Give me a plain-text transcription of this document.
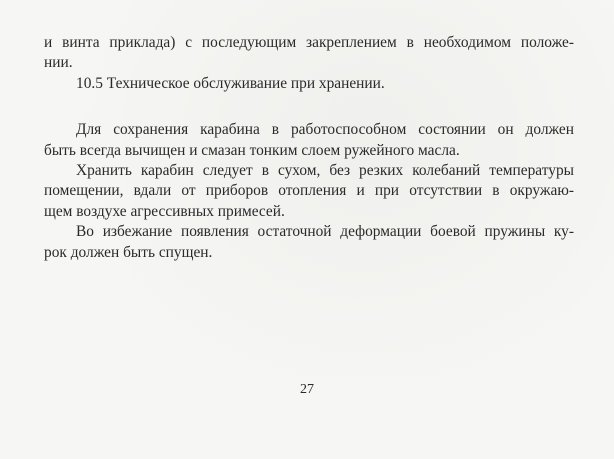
и винта приклада) с последующим закреплением в необходимом положе-
нии.
10.5 Техническое обслуживание при хранении.
Для сохранения карабина в работоспособном состоянии он должен
быть всегда вычищен и смазан тонким слоем ружейного масла.
Хранить карабин следует в сухом, без резких колебаний температуры
помещении, вдали от приборов отопления и при отсутствии в окружаю-
щем воздухе агрессивных примесей.
Во избежание появления остаточной деформации боевой пружины ку-
рок должен быть спущен.
27
